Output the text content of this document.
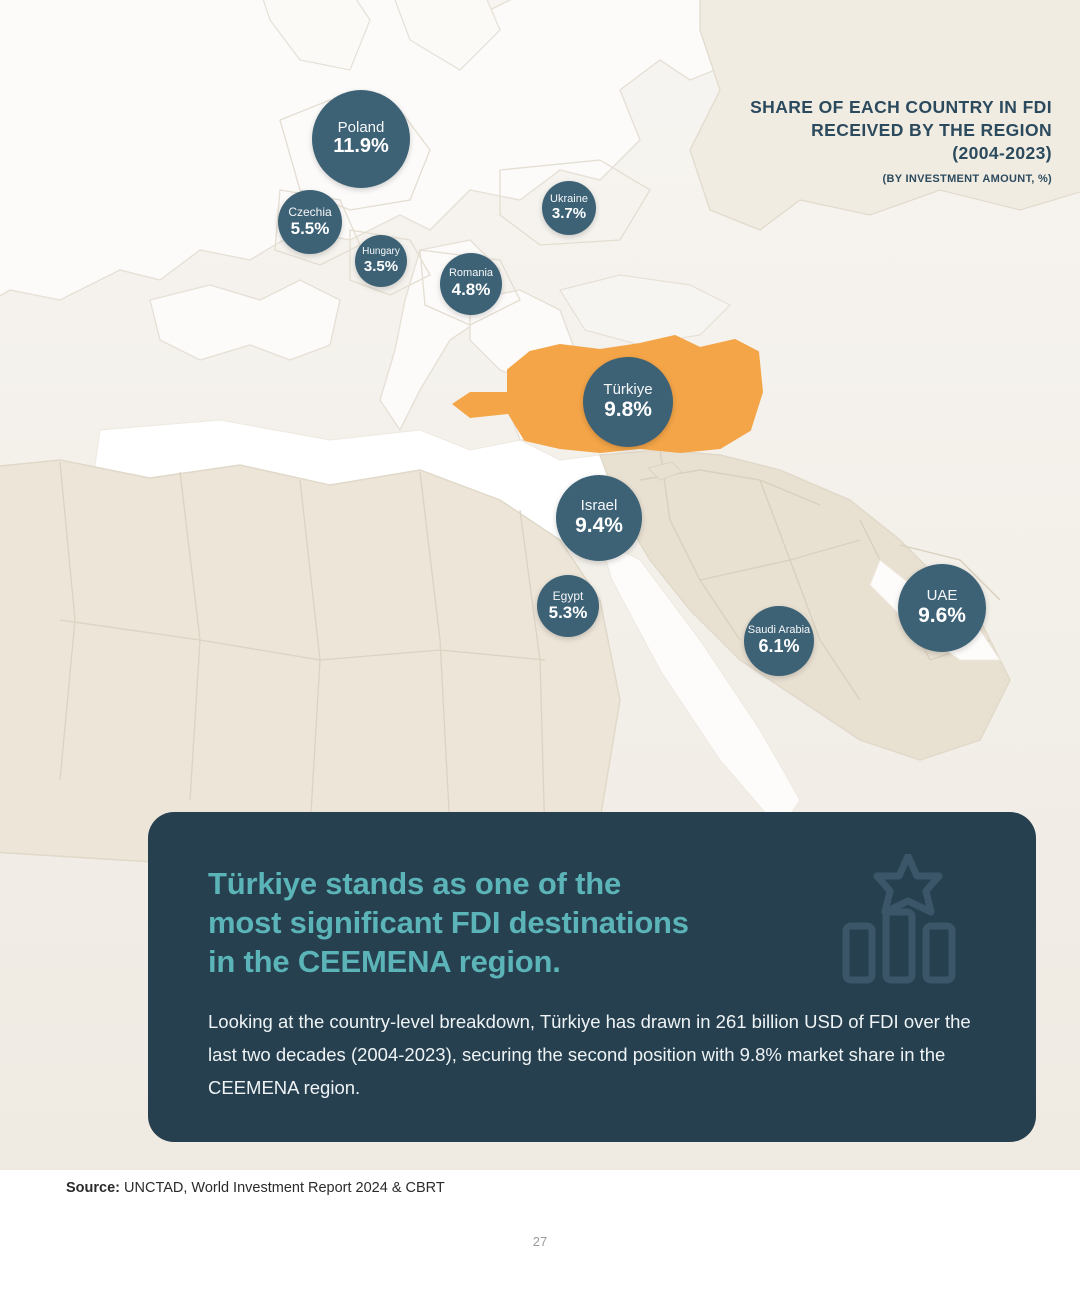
SHARE OF EACH COUNTRY IN FDI
RECEIVED BY THE REGION
(2004-2023)
(BY INVESTMENT AMOUNT, %)
Poland
11.9%
Czechia
5.5%
Hungary
3.5%	Romania
4.8%
Ukraine
3.7%
Türkiye
9.8%
Israel
9.4%
Egypt
5.3%
Saudi Arabia
6.1%
UAE
9.6%
Türkiye stands as one of the
most significant FDI destinations
in the CEEMENA region.

Looking at the country-level breakdown, Türkiye has drawn in 261 billion USD of FDI over the last two decades (2004-2023), securing the second position with 9.8% market share in the CEEMENA region.

Source: UNCTAD, World Investment Report 2024 & CBRT
27
